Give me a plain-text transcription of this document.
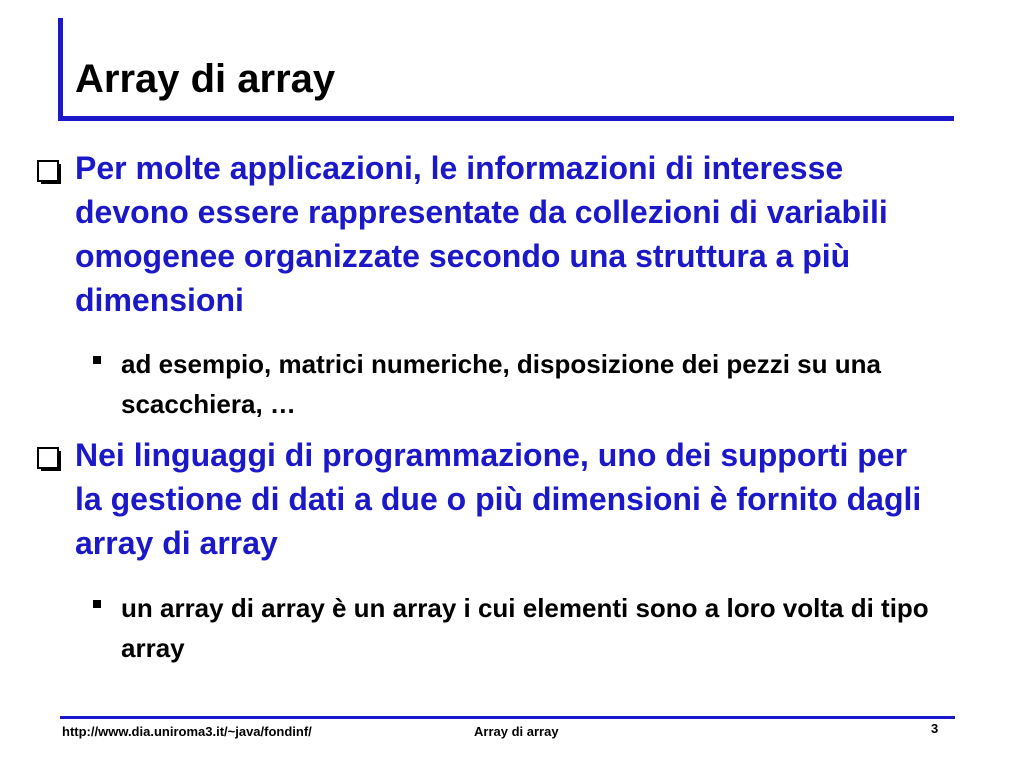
Array di array
Per molte applicazioni, le informazioni di interesse devono essere rappresentate da collezioni di variabili omogenee organizzate secondo una struttura a più dimensioni
ad esempio, matrici numeriche, disposizione dei pezzi su una scacchiera, …
Nei linguaggi di programmazione, uno dei supporti per la gestione di dati a due o più dimensioni è fornito dagli array di array
un array di array è un array i cui elementi sono a loro volta di tipo array
http://www.dia.uniroma3.it/~java/fondinf/	Array di array	3
